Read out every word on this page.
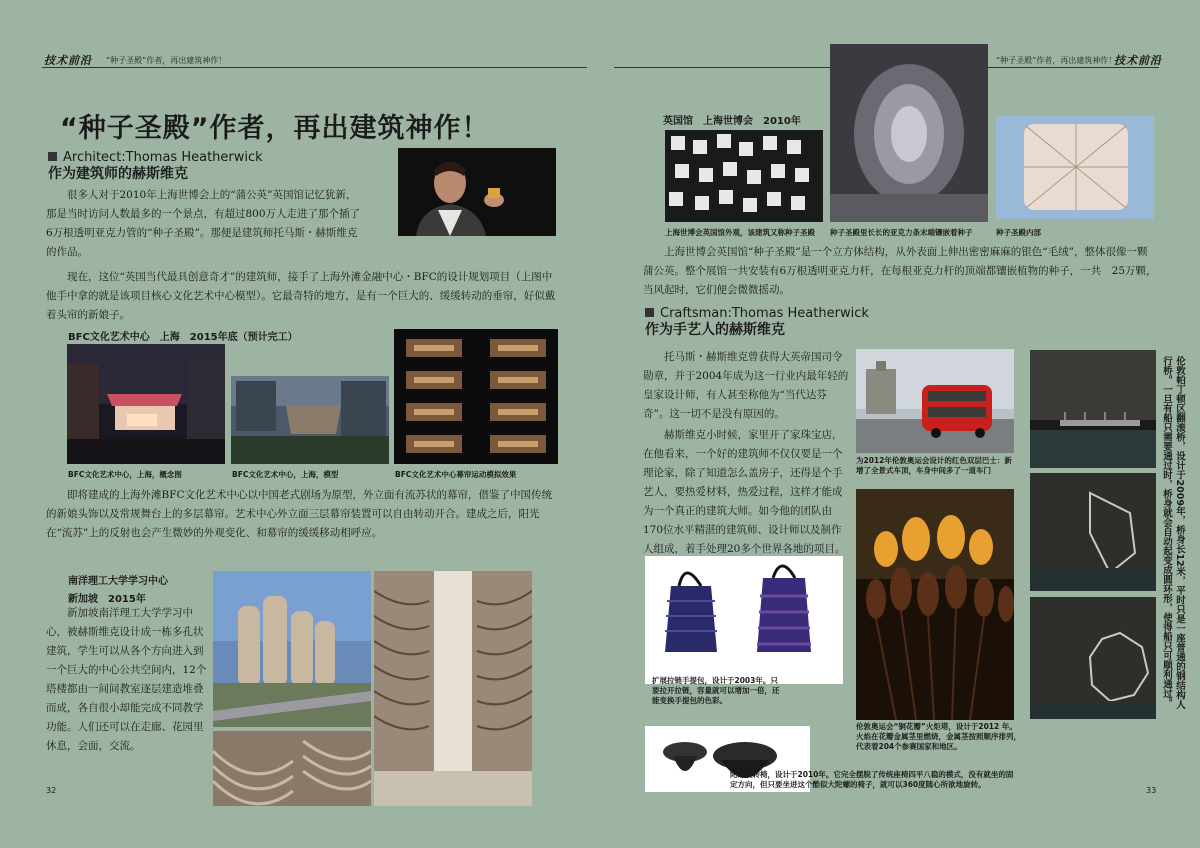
技术前沿 “种子圣殿”作者，再出建筑神作！	“种子圣殿”作者，再出建筑神作！
技术前沿
“种子圣殿”作者，再出建筑神作！
Architect:Thomas Heatherwick
作为建筑师的赫斯维克

很多人对于2010年上海世博会上的“蒲公英”英国馆记忆犹新，那是当时访问人数最多的一个景点，有超过800万人走进了那个插了6万根透明亚克力管的“种子圣殿”。那便是建筑师托马斯・赫斯维克的作品。

现在，这位“英国当代最具创意奇才”的建筑师，接手了上海外滩金融中心・BFC的设计规划项目（上图中他手中拿的就是该项目核心文化艺术中心模型）。它最奇特的地方，是有一个巨大的、缓缓转动的垂帘，好似戴着头帘的新娘子。

BFC文化艺术中心　上海　2015年底（预计完工）
BFC文化艺术中心，上海，概念图	BFC文化艺术中心，上海，模型	BFC文化艺术中心幕帘运动模拟效果

即将建成的上海外滩BFC文化艺术中心以中国老式剧场为原型，外立面有流苏状的幕帘，借鉴了中国传统的新娘头饰以及常规舞台上的多层幕帘。艺术中心外立面三层幕帘装置可以自由转动开合。建成之后，阳光在“流苏”上的反射也会产生微妙的外观变化、和幕帘的缓缓移动相呼应。

南洋理工大学学习中心
新加坡　2015年

新加坡南洋理工大学学习中心，被赫斯维克设计成一栋多孔状建筑，学生可以从各个方向进入到一个巨大的中心公共空间内，12个塔楼都由一间间教室逐层建造堆叠而成，各自很小却能完成不同教学功能。人们还可以在走廊、花园里休息，会面，交流。

32
英国馆　上海世博会　2010年
上海世博会英国馆外观，该建筑又称种子圣殿 种子圣殿里长长的亚克力条末端镶嵌着种子	种子圣殿内部

上海世博会英国馆“种子圣殿”是一个立方体结构，从外表面上伸出密密麻麻的银色“毛绒”，整体很像一颗蒲公英。整个展馆一共安装有6万根透明亚克力杆，在每根亚克力杆的顶端都镶嵌植物的种子，一共　25万颗，当风起时，它们便会微微摇动。

Craftsman:Thomas Heatherwick
作为手艺人的赫斯维克

托马斯・赫斯维克曾获得大英帝国司令勋章，并于2004年成为这一行业内最年轻的皇家设计师，有人甚至称他为“当代达芬奇”。这一切不是没有原因的。

赫斯维克小时候，家里开了家珠宝店，在他看来，一个好的建筑师不仅仅要是一个理论家，除了知道怎么盖房子，还得是个手艺人，要热爱材料，热爱过程，这样才能成为一个真正的建筑大师。如今他的团队由170位水平精湛的建筑师、设计师以及制作人组成，着手处理20多个世界各地的项目。

为2012年伦敦奥运会设计的红色双层巴士：新增了全景式车顶，车身中间多了一道车门
扩展拉链手提包，设计于2003年。只要拉开拉链，容量就可以增加一倍，还能变换手提包的色彩。
陀螺旋转椅，设计于2010年。它完全摆脱了传统座椅四平八稳的模式，没有就坐的固定方向，但只要坐进这个酷似大陀螺的椅子，就可以360度随心所欲地旋转。
伦敦奥运会“铜花瓣”火炬塔，设计于2012 年。火焰在花瓣金属茎里燃烧，金属茎按照顺序排列，代表着204个参赛国家和地区。
伦敦帕丁顿区翻滚桥，设计于2009年，桥身长12米，平时只是一座普通的钢结构人行桥。一旦有船只需要通过时，桥身就会自动起变成圆环形，使得船只可顺利通过。
33
